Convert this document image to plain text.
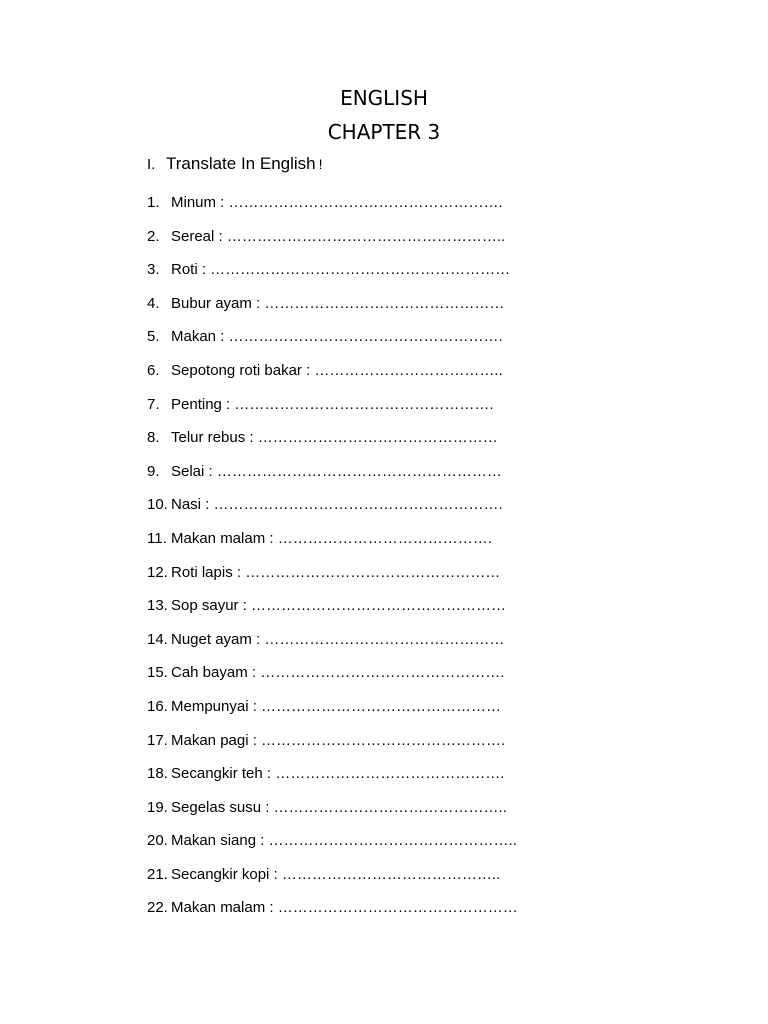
ENGLISH
CHAPTER 3
I. Translate In English !
1. Minum : ……………………………………………….
2. Sereal : ………………………………………………..
3. Roti : ……………………………………………………
4. Bubur ayam : …………………………………………
5. Makan : ……………………………………………….
6. Sepotong roti bakar : ………………………………..
7. Penting : …………………………………………….
8. Telur rebus : …………………………………………
9. Selai : …………………………………………………
10. Nasi : ………………………………………………….
11. Makan malam : …………………………………….
12. Roti lapis : ……………………………………………
13. Sop sayur : ……………………………………………
14. Nuget ayam : …………………………………………
15. Cah bayam : ………………………………………….
16. Mempunyai : …………………………………………
17. Makan pagi : ………………………………………….
18. Secangkir teh : ……………………………………….
19. Segelas susu : ………………………………………..
20. Makan siang : …………………………………………..
21. Secangkir kopi : ……………………………………..
22. Makan malam : …………………………………………
